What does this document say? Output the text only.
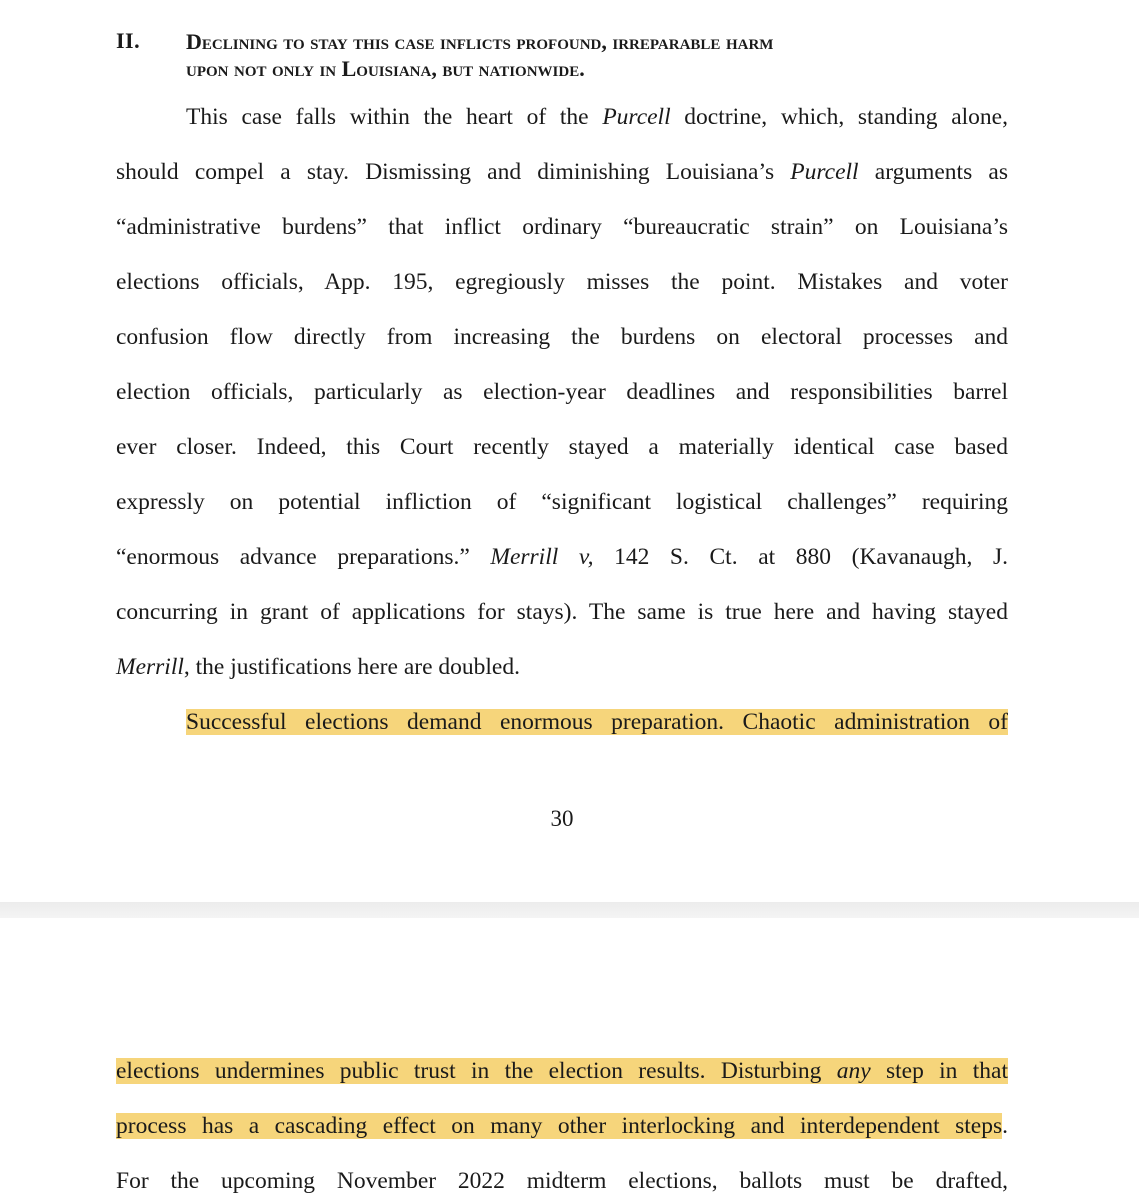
II. Declining to stay this case inflicts profound, irreparable harm
upon not only in Louisiana, but nationwide.
This case falls within the heart of the Purcell doctrine, which, standing alone,
should compel a stay. Dismissing and diminishing Louisiana’s Purcell arguments as
“administrative burdens” that inflict ordinary “bureaucratic strain” on Louisiana’s
elections officials, App. 195, egregiously misses the point. Mistakes and voter
confusion flow directly from increasing the burdens on electoral processes and
election officials, particularly as election-year deadlines and responsibilities barrel
ever closer. Indeed, this Court recently stayed a materially identical case based
expressly on potential infliction of “significant logistical challenges” requiring
“enormous advance preparations.” Merrill v, 142 S. Ct. at 880 (Kavanaugh, J.
concurring in grant of applications for stays). The same is true here and having stayed
Merrill, the justifications here are doubled.
Successful elections demand enormous preparation. Chaotic administration of
30
elections undermines public trust in the election results. Disturbing any step in that
process has a cascading effect on many other interlocking and interdependent steps.
For the upcoming November 2022 midterm elections, ballots must be drafted,
